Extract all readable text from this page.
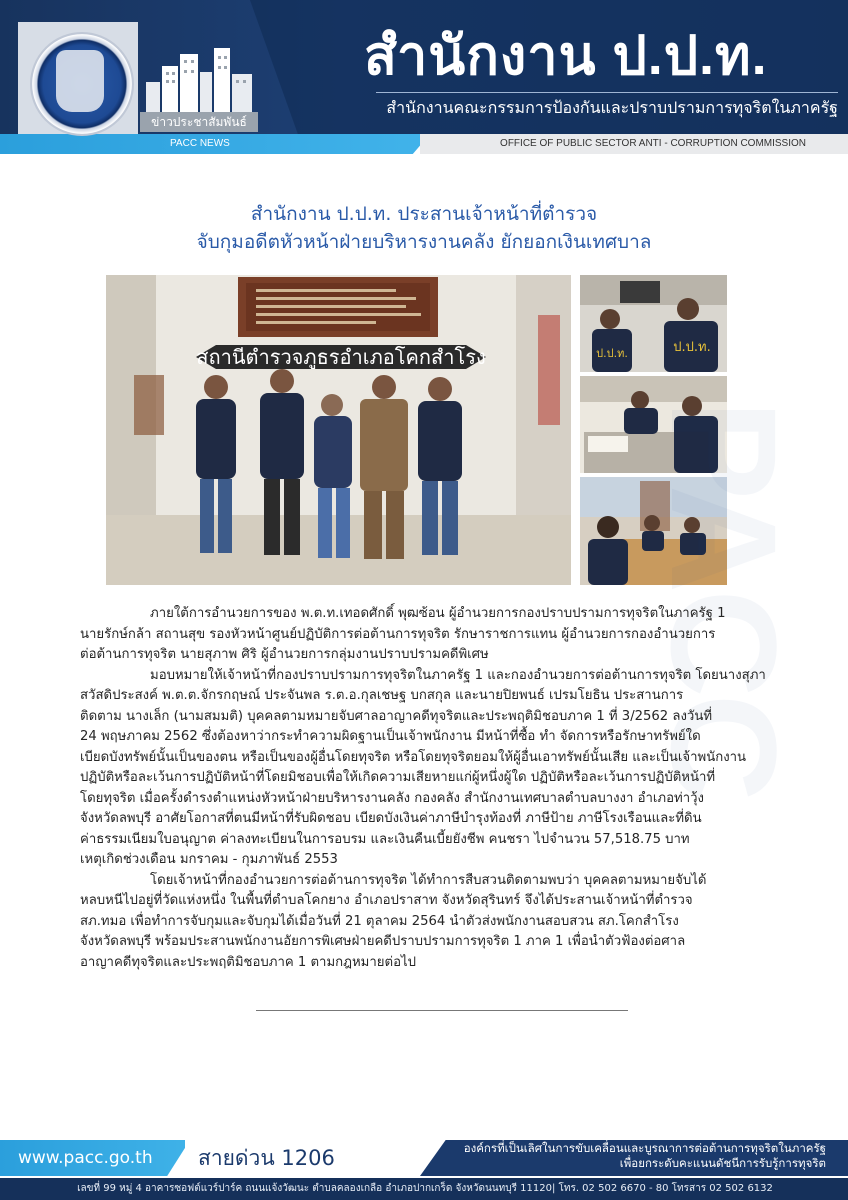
ข่าวประชาสัมพันธ์
สำนักงาน ป.ป.ท.
สำนักงานคณะกรรมการป้องกันและปราบปรามการทุจริตในภาครัฐ
PACC NEWS	OFFICE OF PUBLIC SECTOR ANTI - CORRUPTION COMMISSION
สำนักงาน ป.ป.ท. ประสานเจ้าหน้าที่ตำรวจ
จับกุมอดีตหัวหน้าฝ่ายบริหารงานคลัง ยักยอกเงินเทศบาล
สถานีตำรวจภูธรอำเภอโคกสำโรง	ป.ป.ท.	ป.ป.ท.

ภายใต้การอำนวยการของ พ.ต.ท.เทอดศักดิ์ พุฒซ้อน ผู้อำนวยการกองปราบปรามการทุจริตในภาครัฐ 1
นายรักษ์กล้า สถานสุข รองหัวหน้าศูนย์ปฏิบัติการต่อต้านการทุจริต รักษาราชการแทน ผู้อำนวยการกองอำนวยการ
ต่อต้านการทุจริต นายสุภาพ ศิริ ผู้อำนวยการกลุ่มงานปราบปรามคดีพิเศษ

มอบหมายให้เจ้าหน้าที่กองปราบปรามการทุจริตในภาครัฐ 1 และกองอำนวยการต่อต้านการทุจริต โดยนางสุภา
สวัสดิประสงค์ พ.ต.ต.จักรกฤษณ์ ประจันพล ร.ต.อ.กุลเชษฐ บกสกุล และนายปิยพนธ์ เปรมโยธิน ประสานการ
ติดตาม นางเล็ก (นามสมมติ) บุคคลตามหมายจับศาลอาญาคดีทุจริตและประพฤติมิชอบภาค 1 ที่ 3/2562 ลงวันที่
24 พฤษภาคม 2562 ซึ่งต้องหาว่ากระทำความผิดฐานเป็นเจ้าพนักงาน มีหน้าที่ซื้อ ทำ จัดการหรือรักษาทรัพย์ใด
เบียดบังทรัพย์นั้นเป็นของตน หรือเป็นของผู้อื่นโดยทุจริต หรือโดยทุจริตยอมให้ผู้อื่นเอาทรัพย์นั้นเสีย และเป็นเจ้าพนักงาน
ปฏิบัติหรือละเว้นการปฏิบัติหน้าที่โดยมิชอบเพื่อให้เกิดความเสียหายแก่ผู้หนึ่งผู้ใด ปฏิบัติหรือละเว้นการปฏิบัติหน้าที่
โดยทุจริต เมื่อครั้งดำรงตำแหน่งหัวหน้าฝ่ายบริหารงานคลัง กองคลัง สำนักงานเทศบาลตำบลบางงา อำเภอท่าวุ้ง
จังหวัดลพบุรี อาศัยโอกาสที่ตนมีหน้าที่รับผิดชอบ เบียดบังเงินค่าภาษีบำรุงท้องที่ ภาษีป้าย ภาษีโรงเรือนและที่ดิน
ค่าธรรมเนียมใบอนุญาต ค่าลงทะเบียนในการอบรม และเงินคืนเบี้ยยังชีพ คนชรา ไปจำนวน 57,518.75 บาท
เหตุเกิดช่วงเดือน มกราคม - กุมภาพันธ์ 2553

โดยเจ้าหน้าที่กองอำนวยการต่อต้านการทุจริต ได้ทำการสืบสวนติดตามพบว่า บุคคลตามหมายจับได้
หลบหนีไปอยู่ที่วัดแห่งหนึ่ง ในพื้นที่ตำบลโคกยาง อำเภอปราสาท จังหวัดสุรินทร์ จึงได้ประสานเจ้าหน้าที่ตำรวจ
สภ.ทมอ เพื่อทำการจับกุมและจับกุมได้เมื่อวันที่ 21 ตุลาคม 2564 นำตัวส่งพนักงานสอบสวน สภ.โคกสำโรง
จังหวัดลพบุรี พร้อมประสานพนักงานอัยการพิเศษฝ่ายคดีปราบปรามการทุจริต 1 ภาค 1 เพื่อนำตัวฟ้องต่อศาล
อาญาคดีทุจริตและประพฤติมิชอบภาค 1 ตามกฎหมายต่อไป

www.pacc.go.th สายด่วน 1206	องค์กรที่เป็นเลิศในการขับเคลื่อนและบูรณาการต่อต้านการทุจริตในภาครัฐ
เพื่อยกระดับคะแนนดัชนีการรับรู้การทุจริต
เลขที่ 99 หมู่ 4 อาคารซอฟต์แวร์ปาร์ค ถนนแจ้งวัฒนะ ตำบลคลองเกลือ อำเภอปากเกร็ด จังหวัดนนทบุรี 11120| โทร. 02 502 6670 - 80 โทรสาร 02 502 6132
